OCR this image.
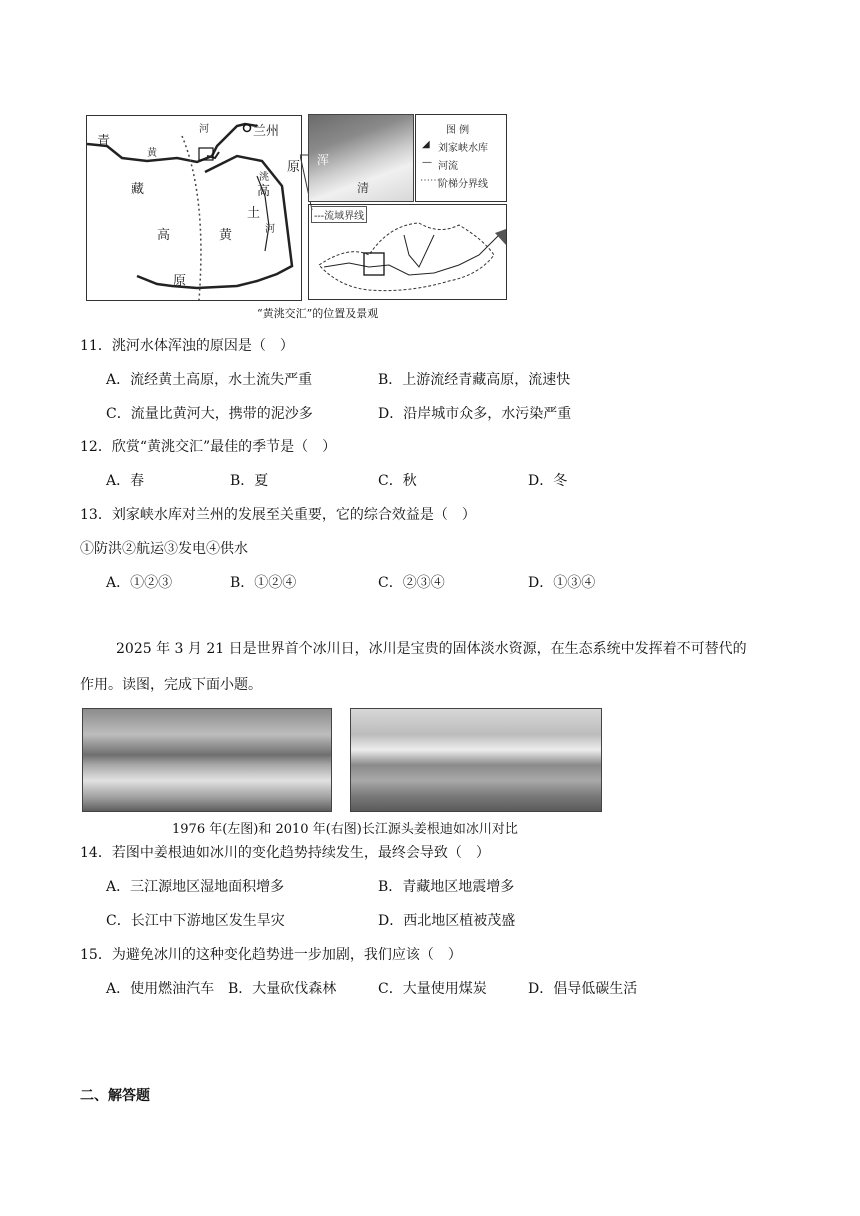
青
黄
河	兰州
藏
高
原
洮
河
高
土
黄
原 浑
清
图 例
◢ 刘家峡水库
— 河流
⋯⋯
阶梯分界线
---流域界线
“黄洮交汇”的位置及景观
11．洮河水体浑浊的原因是（　）
A．流经黄土高原，水土流失严重	B．上游流经青藏高原，流速快
C．流量比黄河大，携带的泥沙多	D．沿岸城市众多，水污染严重
12．欣赏“黄洮交汇”最佳的季节是（　）
A．春	B．夏	C．秋	D．冬
13．刘家峡水库对兰州的发展至关重要，它的综合效益是（　）
①防洪②航运③发电④供水
A．①②③	B．①②④	C．②③④	D．①③④
2025 年 3 月 21 日是世界首个冰川日，冰川是宝贵的固体淡水资源，在生态系统中发挥着不可替代的
作用。读图，完成下面小题。
1976 年(左图)和 2010 年(右图)长江源头姜根迪如冰川对比
14．若图中姜根迪如冰川的变化趋势持续发生，最终会导致（　）
A．三江源地区湿地面积增多	B．青藏地区地震增多
C．长江中下游地区发生旱灾	D．西北地区植被茂盛
15．为避免冰川的这种变化趋势进一步加剧，我们应该（　）
A．使用燃油汽车 B．大量砍伐森林	C．大量使用煤炭	D．倡导低碳生活
二、解答题
